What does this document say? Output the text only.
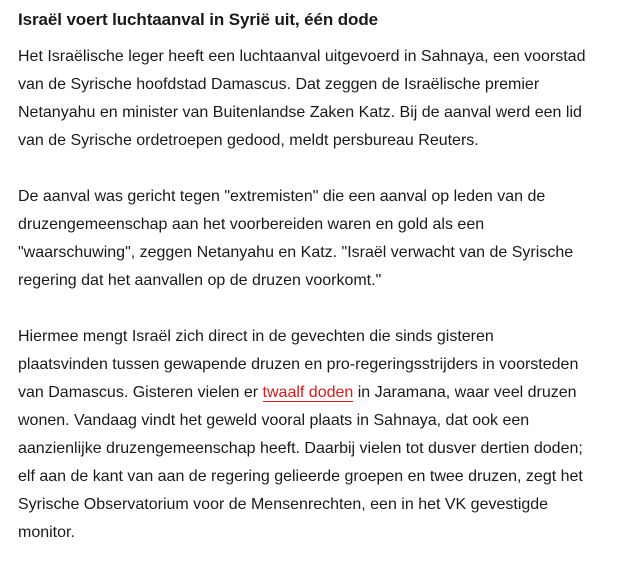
Israël voert luchtaanval in Syrië uit, één dode

Het Israëlische leger heeft een luchtaanval uitgevoerd in Sahnaya, een voorstad
van de Syrische hoofdstad Damascus. Dat zeggen de Israëlische premier
Netanyahu en minister van Buitenlandse Zaken Katz. Bij de aanval werd een lid
van de Syrische ordetroepen gedood, meldt persbureau Reuters.

De aanval was gericht tegen "extremisten" die een aanval op leden van de
druzengemeenschap aan het voorbereiden waren en gold als een
"waarschuwing", zeggen Netanyahu en Katz. "Israël verwacht van de Syrische
regering dat het aanvallen op de druzen voorkomt."

Hiermee mengt Israël zich direct in de gevechten die sinds gisteren
plaatsvinden tussen gewapende druzen en pro-regeringsstrijders in voorsteden
van Damascus. Gisteren vielen er twaalf doden in Jaramana, waar veel druzen
wonen. Vandaag vindt het geweld vooral plaats in Sahnaya, dat ook een
aanzienlijke druzengemeenschap heeft. Daarbij vielen tot dusver dertien doden;
elf aan de kant van aan de regering gelieerde groepen en twee druzen, zegt het
Syrische Observatorium voor de Mensenrechten, een in het VK gevestigde
monitor.
